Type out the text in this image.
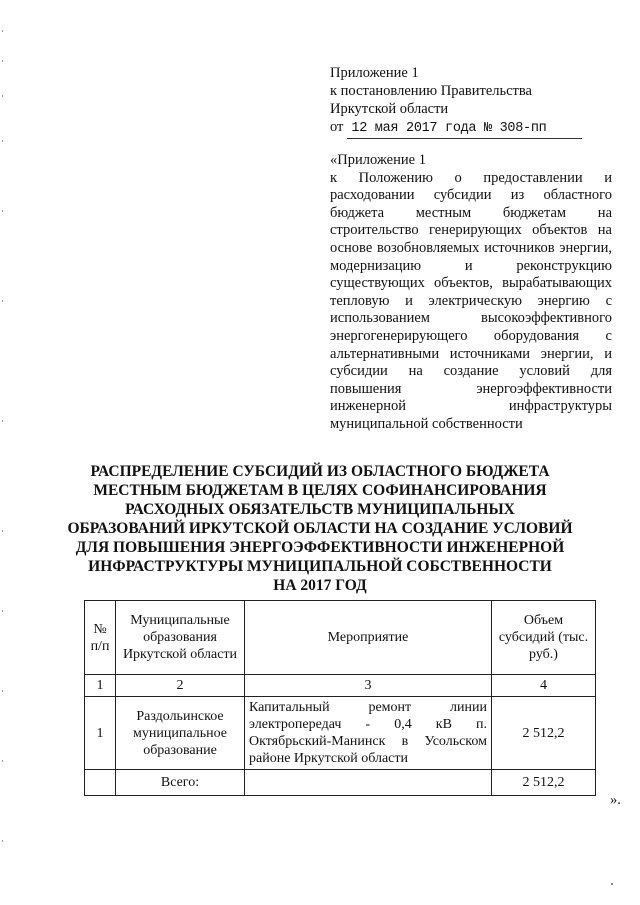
Приложение 1
к постановлению Правительства
Иркутской области
от 12 мая 2017 года № 308-пп

«Приложение 1

к Положению о предоставлении и расходовании субсидии из областного бюджета местным бюджетам на строительство генерирующих объектов на основе возобновляемых источников энергии, модернизацию и реконструкцию существующих объектов, вырабатывающих тепловую и электрическую энергию с использованием высокоэффективного энергогенерирующего оборудования с альтернативными источниками энергии, и субсидии на создание условий для повышения энергоэффективности инженерной инфраструктуры муниципальной собственности

РАСПРЕДЕЛЕНИЕ СУБСИДИЙ ИЗ ОБЛАСТНОГО БЮДЖЕТА
МЕСТНЫМ БЮДЖЕТАМ В ЦЕЛЯХ СОФИНАНСИРОВАНИЯ
РАСХОДНЫХ ОБЯЗАТЕЛЬСТВ МУНИЦИПАЛЬНЫХ
ОБРАЗОВАНИЙ ИРКУТСКОЙ ОБЛАСТИ НА СОЗДАНИЕ УСЛОВИЙ
ДЛЯ ПОВЫШЕНИЯ ЭНЕРГОЭФФЕКТИВНОСТИ ИНЖЕНЕРНОЙ
ИНФРАСТРУКТУРЫ МУНИЦИПАЛЬНОЙ СОБСТВЕННОСТИ
НА 2017 ГОД
№ п/п	Муниципальные образования Иркутской области	Мероприятие	Объем субсидий (тыс. руб.)
1	2	3	4
1	Раздольинское муниципальное образование	Капитальный ремонт линии электропередач - 0,4 кВ п. Октябрьский-Манинск в Усольском районе Иркутской области	2 512,2
	Всего:		2 512,2
».
